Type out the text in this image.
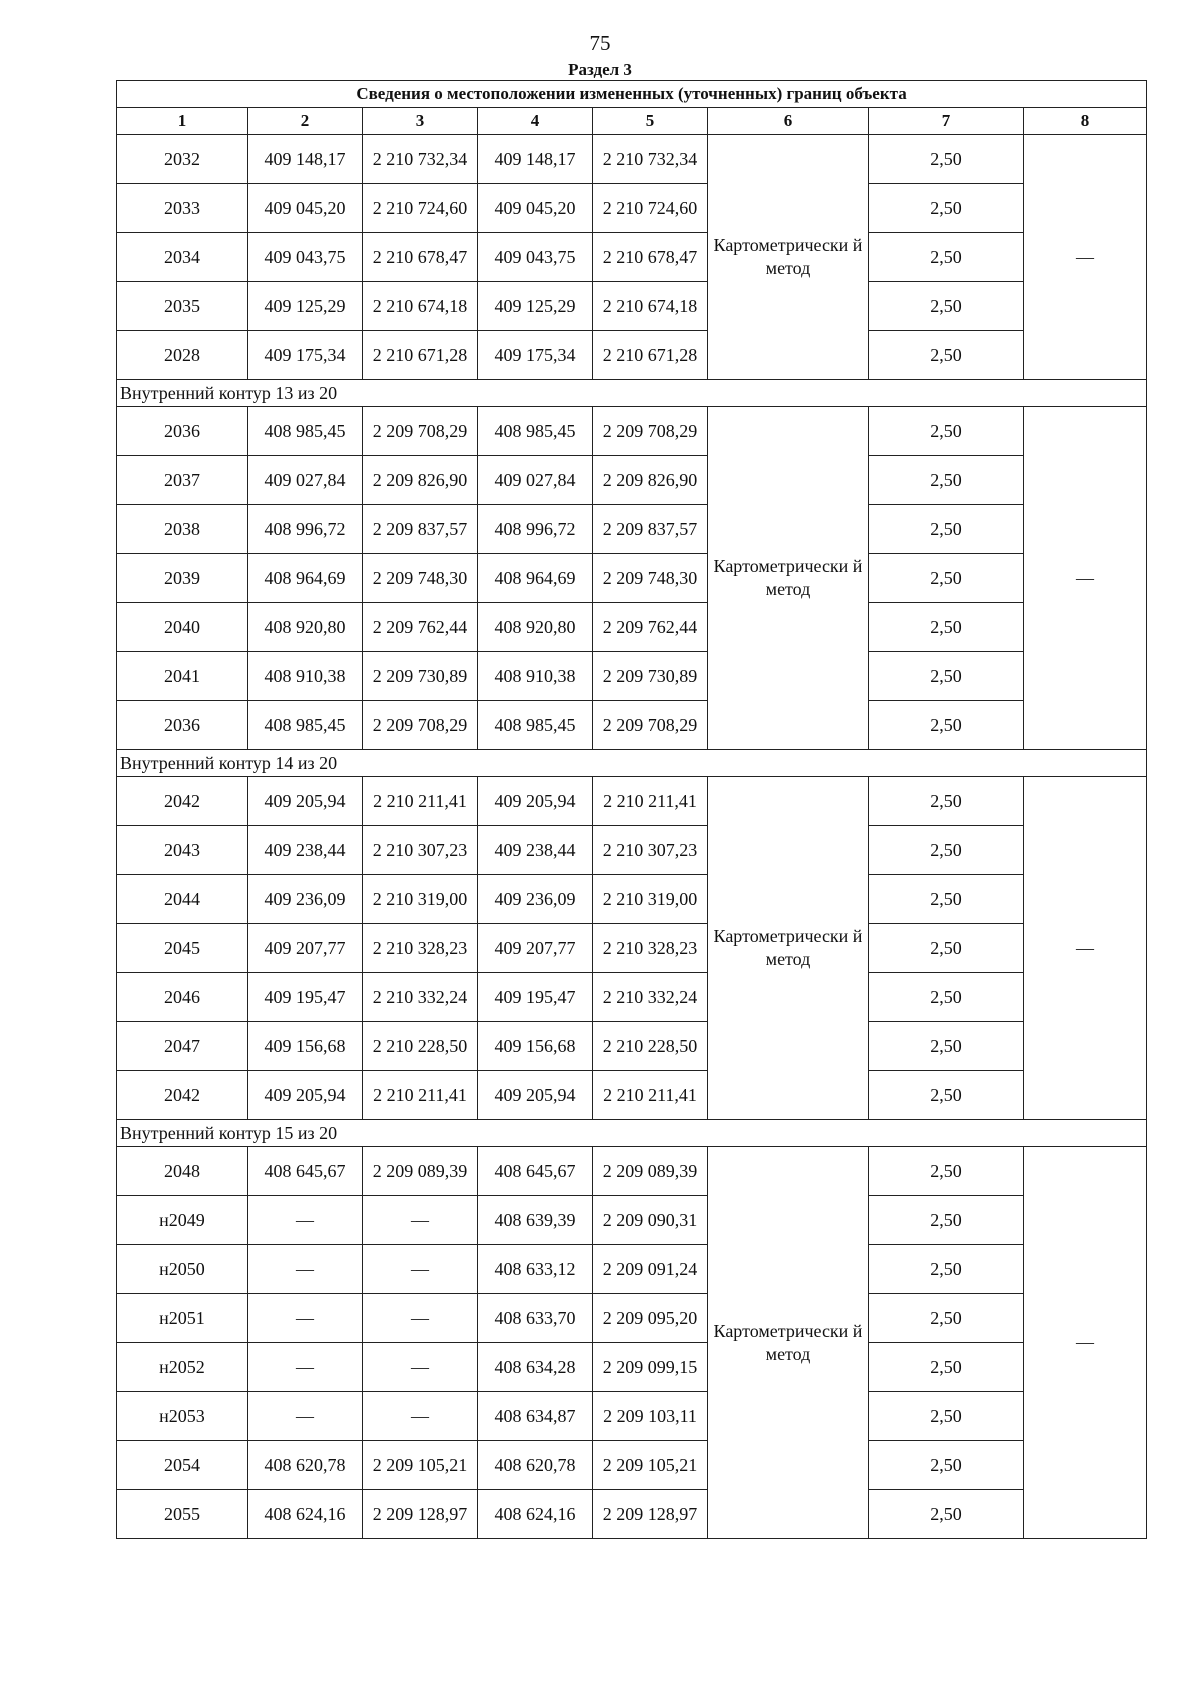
75
Раздел 3
Сведения о местоположении измененных (уточненных) границ объекта							
1	2	3	4	5	6	7	8
2032	409 148,17	2 210 732,34	409 148,17	2 210 732,34	Картометрически й метод	2,50	—
2033	409 045,20	2 210 724,60	409 045,20	2 210 724,60		2,50	
2034	409 043,75	2 210 678,47	409 043,75	2 210 678,47		2,50	
2035	409 125,29	2 210 674,18	409 125,29	2 210 674,18		2,50	
2028	409 175,34	2 210 671,28	409 175,34	2 210 671,28		2,50	
Внутренний контур 13 из 20							
2036	408 985,45	2 209 708,29	408 985,45	2 209 708,29	Картометрически й метод	2,50	—
2037	409 027,84	2 209 826,90	409 027,84	2 209 826,90		2,50	
2038	408 996,72	2 209 837,57	408 996,72	2 209 837,57		2,50	
2039	408 964,69	2 209 748,30	408 964,69	2 209 748,30		2,50	
2040	408 920,80	2 209 762,44	408 920,80	2 209 762,44		2,50	
2041	408 910,38	2 209 730,89	408 910,38	2 209 730,89		2,50	
2036	408 985,45	2 209 708,29	408 985,45	2 209 708,29		2,50	
Внутренний контур 14 из 20							
2042	409 205,94	2 210 211,41	409 205,94	2 210 211,41	Картометрически й метод	2,50	—
2043	409 238,44	2 210 307,23	409 238,44	2 210 307,23		2,50	
2044	409 236,09	2 210 319,00	409 236,09	2 210 319,00		2,50	
2045	409 207,77	2 210 328,23	409 207,77	2 210 328,23		2,50	
2046	409 195,47	2 210 332,24	409 195,47	2 210 332,24		2,50	
2047	409 156,68	2 210 228,50	409 156,68	2 210 228,50		2,50	
2042	409 205,94	2 210 211,41	409 205,94	2 210 211,41		2,50	
Внутренний контур 15 из 20							
2048	408 645,67	2 209 089,39	408 645,67	2 209 089,39	Картометрически й метод	2,50	—
н2049	—	—	408 639,39	2 209 090,31		2,50	
н2050	—	—	408 633,12	2 209 091,24		2,50	
н2051	—	—	408 633,70	2 209 095,20		2,50	
н2052	—	—	408 634,28	2 209 099,15		2,50	
н2053	—	—	408 634,87	2 209 103,11		2,50	
2054	408 620,78	2 209 105,21	408 620,78	2 209 105,21		2,50	
2055	408 624,16	2 209 128,97	408 624,16	2 209 128,97		2,50	
